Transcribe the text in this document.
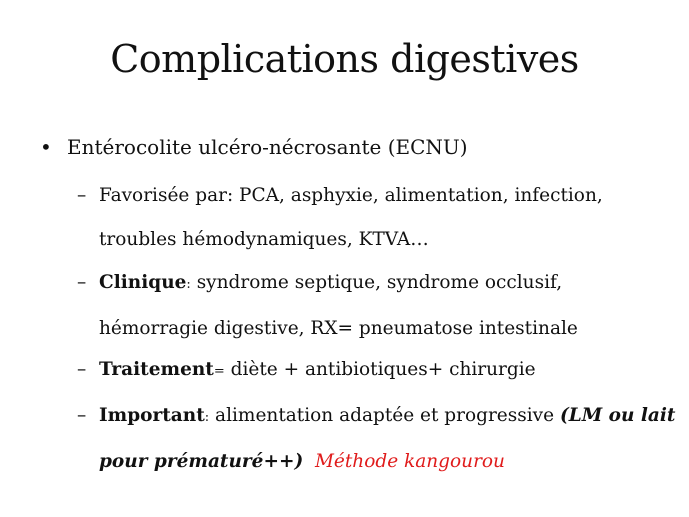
Complications digestives
• Entérocolite ulcéro-nécrosante (ECNU)
– Favorisée par: PCA, asphyxie, alimentation, infection,
troubles hémodynamiques, KTVA…
– Clinique: syndrome septique, syndrome occlusif,
hémorragie digestive, RX= pneumatose intestinale
– Traitement= diète + antibiotiques+ chirurgie
– Important: alimentation adaptée et progressive (LM ou lait
pour prématuré++) Méthode kangourou
